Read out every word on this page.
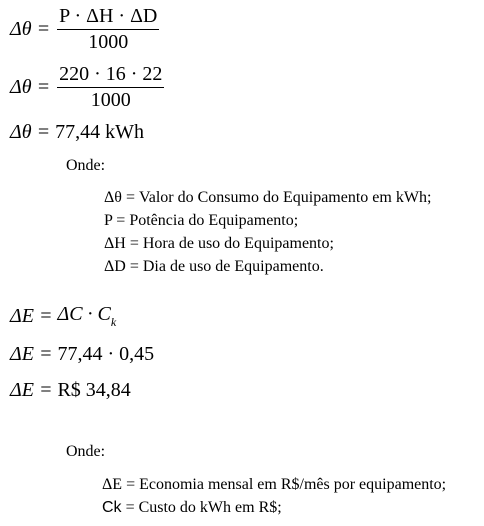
$\Delta\theta = \frac{P \cdot \Delta H \cdot \Delta D}{1000}$
$\Delta\theta = \frac{220 \cdot 16 \cdot 22}{1000}$
Δθ = 77,44 kWh
Onde:
Δθ = Valor do Consumo do Equipamento em kWh;
P = Potência do Equipamento;
ΔH = Hora de uso do Equipamento;
ΔD = Dia de uso de Equipamento.
$\Delta E = \Delta C \cdot C_k$
ΔE = 77,44 · 0,45
ΔE = R$ 34,84
Onde:
ΔE = Economia mensal em R$/mês por equipamento;
Ck = Custo do kWh em R$;
